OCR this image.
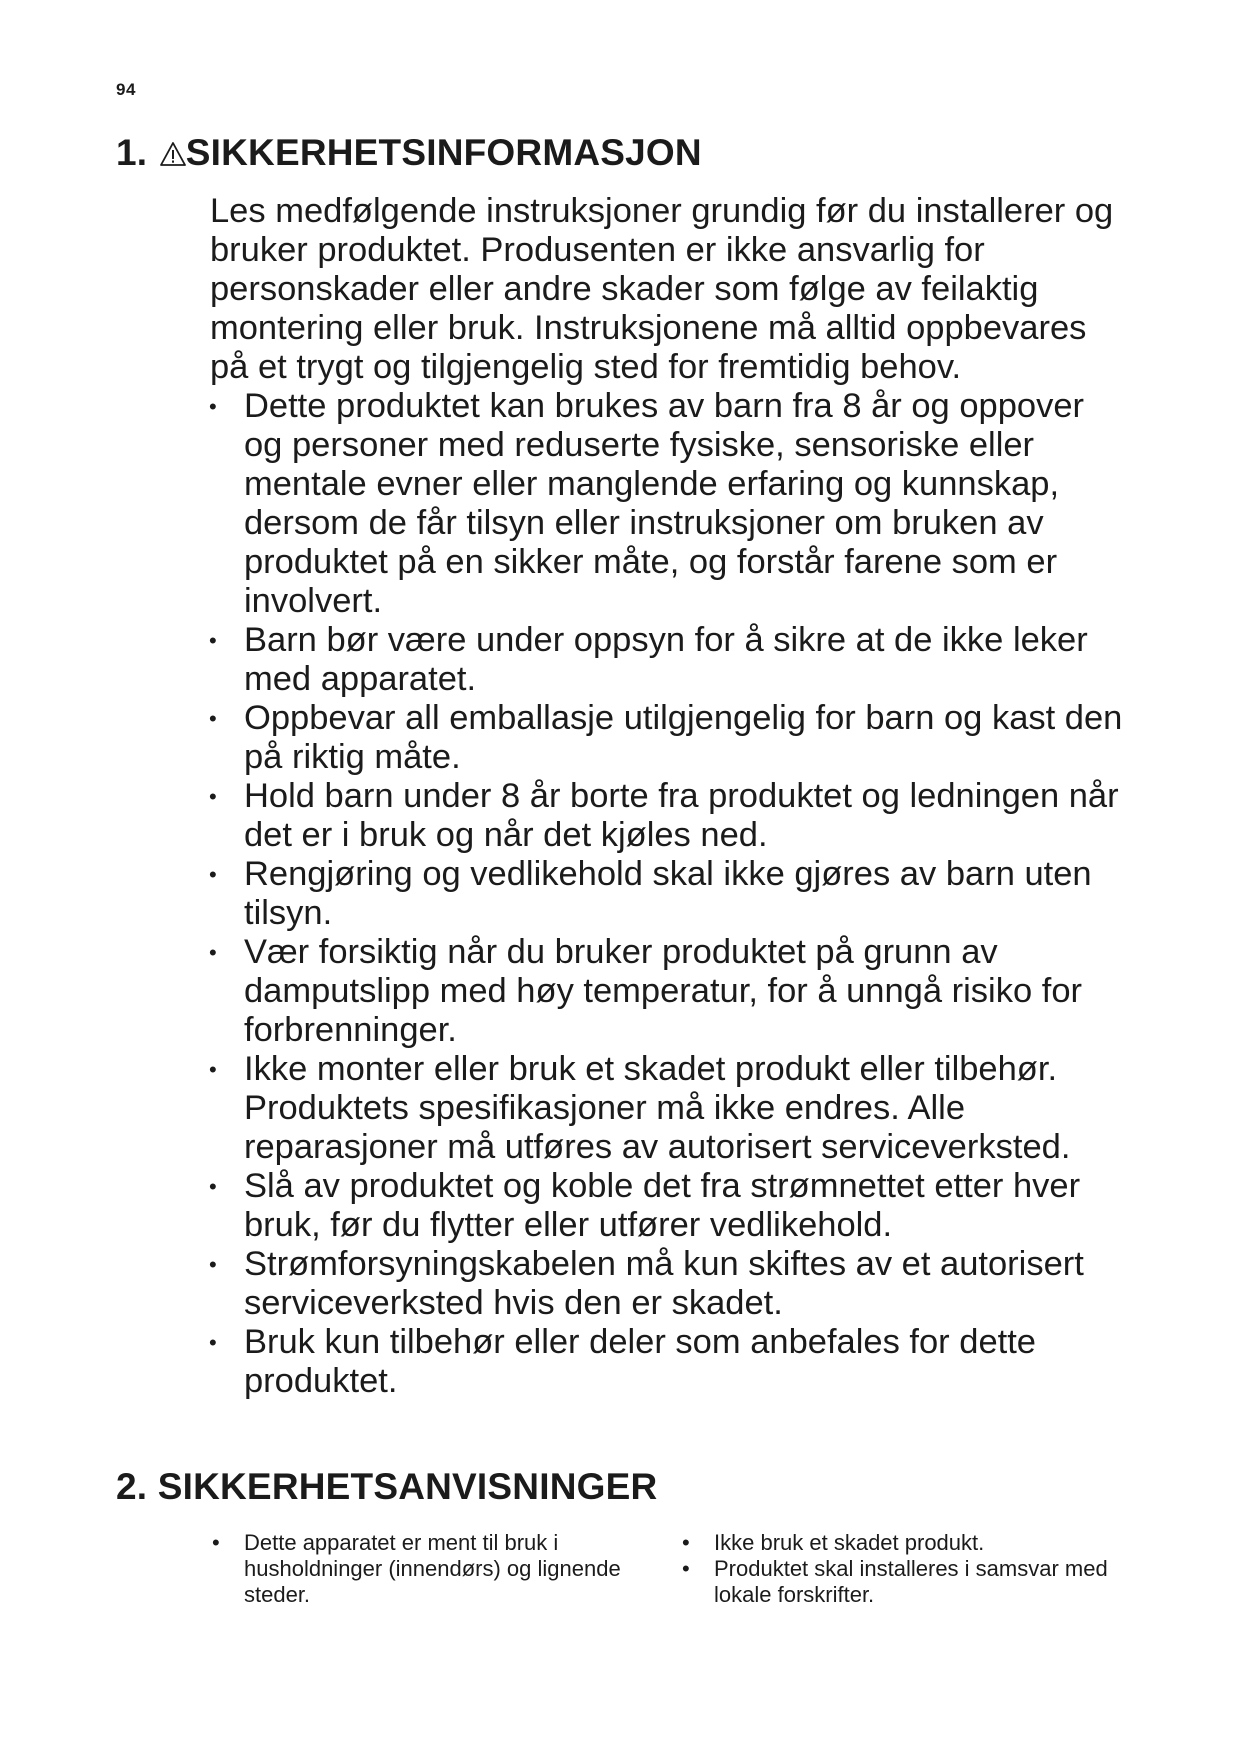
94
1. SIKKERHETSINFORMASJON

Les medfølgende instruksjoner grundig før du installerer og bruker produktet. Produsenten er ikke ansvarlig for personskader eller andre skader som følge av feilaktig montering eller bruk. Instruksjonene må alltid oppbevares på et trygt og tilgjengelig sted for fremtidig behov.

• Dette produktet kan brukes av barn fra 8 år og oppover og personer med reduserte fysiske, sensoriske eller mentale evner eller manglende erfaring og kunnskap, dersom de får tilsyn eller instruksjoner om bruken av produktet på en sikker måte, og forstår farene som er involvert.
• Barn bør være under oppsyn for å sikre at de ikke leker med apparatet.
• Oppbevar all emballasje utilgjengelig for barn og kast den på riktig måte.
• Hold barn under 8 år borte fra produktet og ledningen når det er i bruk og når det kjøles ned.
• Rengjøring og vedlikehold skal ikke gjøres av barn uten tilsyn.
• Vær forsiktig når du bruker produktet på grunn av damputslipp med høy temperatur, for å unngå risiko for forbrenninger.
• Ikke monter eller bruk et skadet produkt eller tilbehør. Produktets spesifikasjoner må ikke endres. Alle reparasjoner må utføres av autorisert serviceverksted.
• Slå av produktet og koble det fra strømnettet etter hver bruk, før du flytter eller utfører vedlikehold.
• Strømforsyningskabelen må kun skiftes av et autorisert serviceverksted hvis den er skadet.
• Bruk kun tilbehør eller deler som anbefales for dette produktet.
2. SIKKERHETSANVISNINGER
• Dette apparatet er ment til bruk i husholdninger (innendørs) og lignende steder.
• Ikke bruk et skadet produkt.
• Produktet skal installeres i samsvar med lokale forskrifter.
